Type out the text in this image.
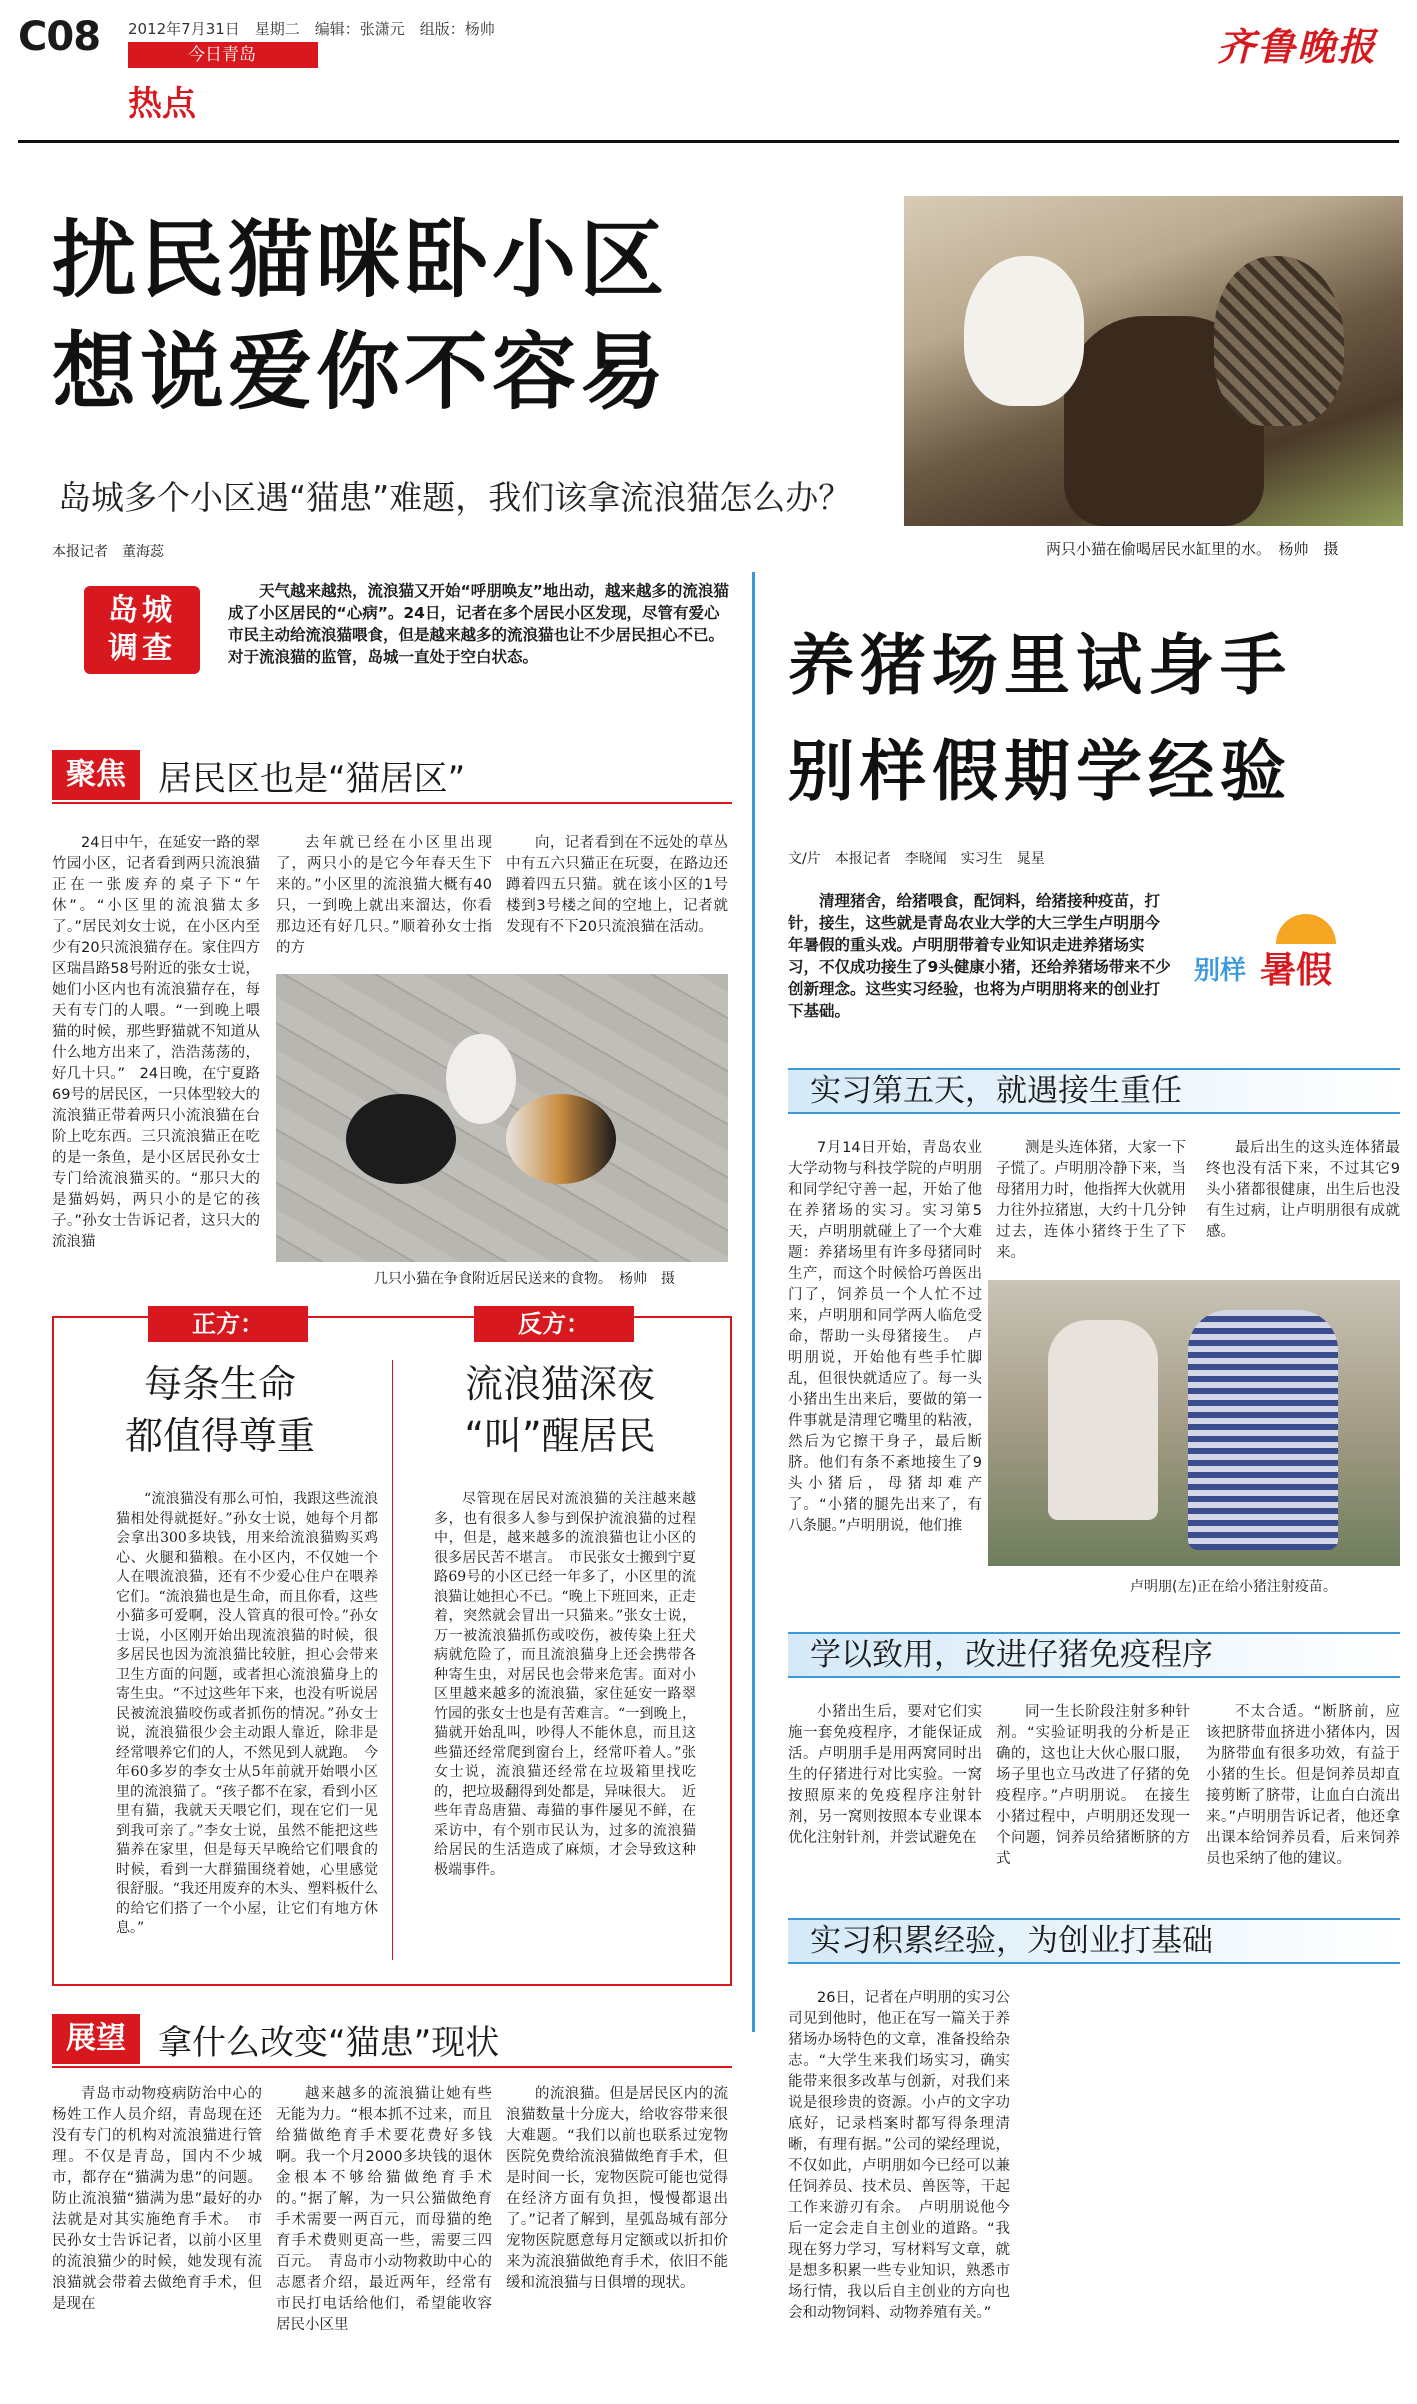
C08 2012年7月31日　星期二　编辑：张潇元　组版：杨帅
今日青岛
热点
齐鲁晚报
扰民猫咪卧小区
想说爱你不容易
岛城多个小区遇“猫患”难题，我们该拿流浪猫怎么办？
本报记者　董海蕊	两只小猫在偷喝居民水缸里的水。　杨帅　摄
岛城
调查
天气越来越热，流浪猫又开始“呼朋唤友”地出动，越来越多的流浪猫成了小区居民的“心病”。24日，记者在多个居民小区发现，尽管有爱心市民主动给流浪猫喂食，但是越来越多的流浪猫也让不少居民担心不已。对于流浪猫的监管，岛城一直处于空白状态。
聚焦 居民区也是“猫居区”
24日中午，在延安一路的翠竹园小区，记者看到两只流浪猫正在一张废弃的桌子下“午休”。“小区里的流浪猫太多了。”居民刘女士说，在小区内至少有20只流浪猫存在。家住四方区瑞昌路58号附近的张女士说，她们小区内也有流浪猫存在，每天有专门的人喂。“一到晚上喂猫的时候，那些野猫就不知道从什么地方出来了，浩浩荡荡的，好几十只。”　24日晚，在宁夏路69号的居民区，一只体型较大的流浪猫正带着两只小流浪猫在台阶上吃东西。三只流浪猫正在吃的是一条鱼，是小区居民孙女士专门给流浪猫买的。“那只大的是猫妈妈，两只小的是它的孩子。”孙女士告诉记者，这只大的流浪猫
去年就已经在小区里出现了，两只小的是它今年春天生下来的。”小区里的流浪猫大概有40只，一到晚上就出来溜达，你看那边还有好几只。”顺着孙女士指的方
向，记者看到在不远处的草丛中有五六只猫正在玩耍，在路边还蹲着四五只猫。就在该小区的1号楼到3号楼之间的空地上，记者就发现有不下20只流浪猫在活动。
几只小猫在争食附近居民送来的食物。　杨帅　摄
正方：	反方：
每条生命
都值得尊重
流浪猫深夜
“叫”醒居民
“流浪猫没有那么可怕，我跟这些流浪猫相处得就挺好。”孙女士说，她每个月都会拿出300多块钱，用来给流浪猫购买鸡心、火腿和猫粮。在小区内，不仅她一个人在喂流浪猫，还有不少爱心住户在喂养它们。“流浪猫也是生命，而且你看，这些小猫多可爱啊，没人管真的很可怜。”孙女士说，小区刚开始出现流浪猫的时候，很多居民也因为流浪猫比较脏，担心会带来卫生方面的问题，或者担心流浪猫身上的寄生虫。“不过这些年下来，也没有听说居民被流浪猫咬伤或者抓伤的情况。”孙女士说，流浪猫很少会主动跟人靠近，除非是经常喂养它们的人，不然见到人就跑。　今年60多岁的李女士从5年前就开始喂小区里的流浪猫了。“孩子都不在家，看到小区里有猫，我就天天喂它们，现在它们一见到我可亲了。”李女士说，虽然不能把这些猫养在家里，但是每天早晚给它们喂食的时候，看到一大群猫围绕着她，心里感觉很舒服。“我还用废弃的木头、塑料板什么的给它们搭了一个小屋，让它们有地方休息。”
尽管现在居民对流浪猫的关注越来越多，也有很多人参与到保护流浪猫的过程中，但是，越来越多的流浪猫也让小区的很多居民苦不堪言。　市民张女士搬到宁夏路69号的小区已经一年多了，小区里的流浪猫让她担心不已。“晚上下班回来，正走着，突然就会冒出一只猫来。”张女士说，万一被流浪猫抓伤或咬伤，被传染上狂犬病就危险了，而且流浪猫身上还会携带各种寄生虫，对居民也会带来危害。面对小区里越来越多的流浪猫，家住延安一路翠竹园的张女士也是有苦难言。“一到晚上，猫就开始乱叫，吵得人不能休息，而且这些猫还经常爬到窗台上，经常吓着人。”张女士说，流浪猫还经常在垃圾箱里找吃的，把垃圾翻得到处都是，异味很大。　近些年青岛唐猫、毒猫的事件屡见不鲜，在采访中，有个别市民认为，过多的流浪猫给居民的生活造成了麻烦，才会导致这种极端事件。
展望 拿什么改变“猫患”现状
青岛市动物疫病防治中心的杨姓工作人员介绍，青岛现在还没有专门的机构对流浪猫进行管理。不仅是青岛，国内不少城市，都存在“猫满为患”的问题。防止流浪猫“猫满为患”最好的办法就是对其实施绝育手术。　市民孙女士告诉记者，以前小区里的流浪猫少的时候，她发现有流浪猫就会带着去做绝育手术，但是现在
越来越多的流浪猫让她有些无能为力。“根本抓不过来，而且给猫做绝育手术要花费好多钱啊。我一个月2000多块钱的退休金根本不够给猫做绝育手术的。”据了解，为一只公猫做绝育手术需要一两百元，而母猫的绝育手术费则更高一些，需要三四百元。　青岛市小动物救助中心的志愿者介绍，最近两年，经常有市民打电话给他们，希望能收容居民小区里
的流浪猫。但是居民区内的流浪猫数量十分庞大，给收容带来很大难题。“我们以前也联系过宠物医院免费给流浪猫做绝育手术，但是时间一长，宠物医院可能也觉得在经济方面有负担，慢慢都退出了。”记者了解到，星弧岛城有部分宠物医院愿意每月定额或以折扣价来为流浪猫做绝育手术，依旧不能缓和流浪猫与日俱增的现状。
养猪场里试身手
别样假期学经验
文/片　本报记者　李晓闻　实习生　晁星
清理猪舍，给猪喂食，配饲料，给猪接种疫苗，打针，接生，这些就是青岛农业大学的大三学生卢明朋今年暑假的重头戏。卢明朋带着专业知识走进养猪场实习，不仅成功接生了9头健康小猪，还给养猪场带来不少创新理念。这些实习经验，也将为卢明朋将来的创业打下基础。
别样 暑假
实习第五天，就遇接生重任
7月14日开始，青岛农业大学动物与科技学院的卢明朋和同学纪守善一起，开始了他在养猪场的实习。实习第5天，卢明朋就碰上了一个大难题：养猪场里有许多母猪同时生产，而这个时候恰巧兽医出门了，饲养员一个人忙不过来，卢明朋和同学两人临危受命，帮助一头母猪接生。　卢明朋说，开始他有些手忙脚乱，但很快就适应了。每一头小猪出生出来后，要做的第一件事就是清理它嘴里的粘液，然后为它擦干身子，最后断脐。他们有条不紊地接生了9头小猪后，母猪却难产了。“小猪的腿先出来了，有八条腿。”卢明朋说，他们推
测是头连体猪，大家一下子慌了。卢明朋冷静下来，当母猪用力时，他指挥大伙就用力往外拉猪崽，大约十几分钟过去，连体小猪终于生了下来。
最后出生的这头连体猪最终也没有活下来，不过其它9头小猪都很健康，出生后也没有生过病，让卢明朋很有成就感。
卢明朋(左)正在给小猪注射疫苗。
学以致用，改进仔猪免疫程序
小猪出生后，要对它们实施一套免疫程序，才能保证成活。卢明朋手是用两窝同时出生的仔猪进行对比实验。一窝按照原来的免疫程序注射针剂，另一窝则按照本专业课本优化注射针剂，并尝试避免在
同一生长阶段注射多种针剂。“实验证明我的分析是正确的，这也让大伙心服口服，场子里也立马改进了仔猪的免疫程序。”卢明朋说。　在接生小猪过程中，卢明朋还发现一个问题，饲养员给猪断脐的方式
不太合适。“断脐前，应该把脐带血挤进小猪体内，因为脐带血有很多功效，有益于小猪的生长。但是饲养员却直接剪断了脐带，让血白白流出来。”卢明朋告诉记者，他还拿出课本给饲养员看，后来饲养员也采纳了他的建议。
实习积累经验，为创业打基础
26日，记者在卢明朋的实习公司见到他时，他正在写一篇关于养猪场办场特色的文章，准备投给杂志。“大学生来我们场实习，确实能带来很多改革与创新，对我们来说是很珍贵的资源。小卢的文字功底好，记录档案时都写得条理清晰，有理有据。”公司的梁经理说，不仅如此，卢明朋如今已经可以兼任饲养员、技术员、兽医等，干起工作来游刃有余。　卢明朋说他今后一定会走自主创业的道路。“我现在努力学习，写材料写文章，就是想多积累一些专业知识，熟悉市场行情，我以后自主创业的方向也会和动物饲料、动物养殖有关。”
